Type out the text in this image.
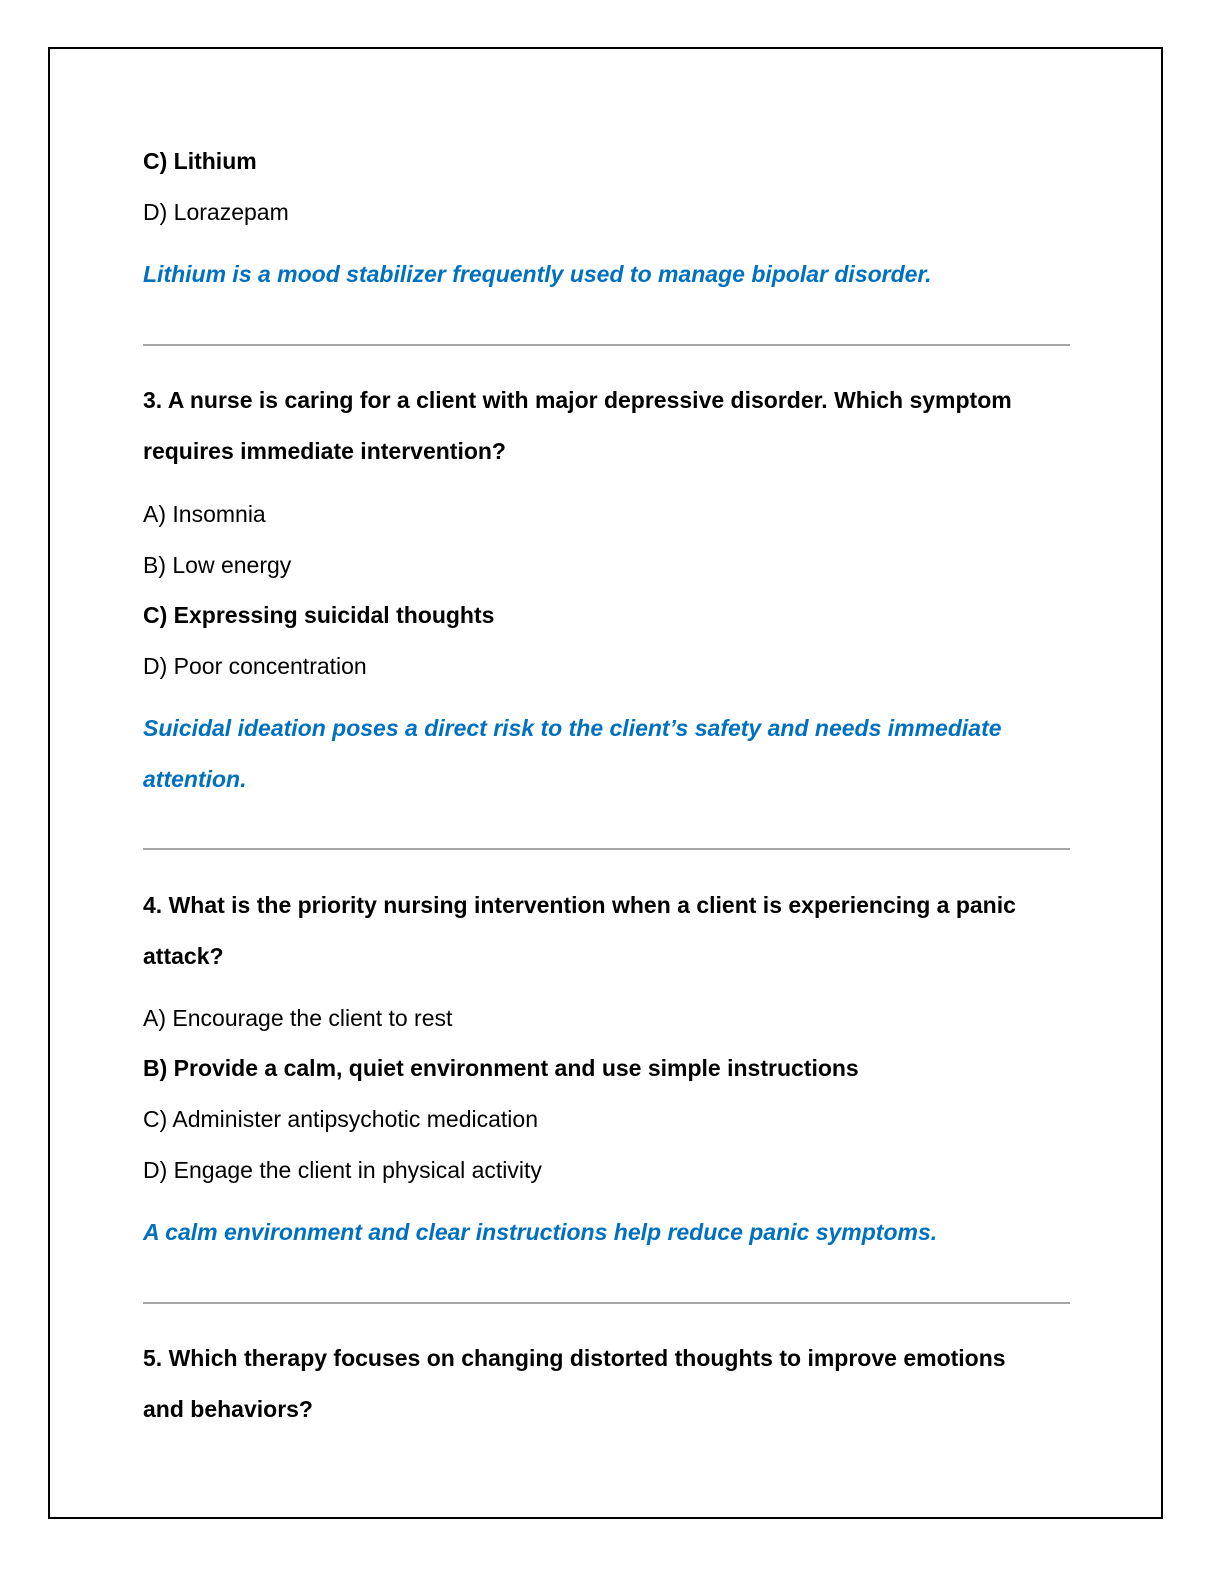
C) Lithium
D) Lorazepam
Lithium is a mood stabilizer frequently used to manage bipolar disorder.
3. A nurse is caring for a client with major depressive disorder. Which symptom
requires immediate intervention?
A) Insomnia
B) Low energy
C) Expressing suicidal thoughts
D) Poor concentration
Suicidal ideation poses a direct risk to the client’s safety and needs immediate
attention.
4. What is the priority nursing intervention when a client is experiencing a panic
attack?
A) Encourage the client to rest
B) Provide a calm, quiet environment and use simple instructions
C) Administer antipsychotic medication
D) Engage the client in physical activity
A calm environment and clear instructions help reduce panic symptoms.
5. Which therapy focuses on changing distorted thoughts to improve emotions
and behaviors?
